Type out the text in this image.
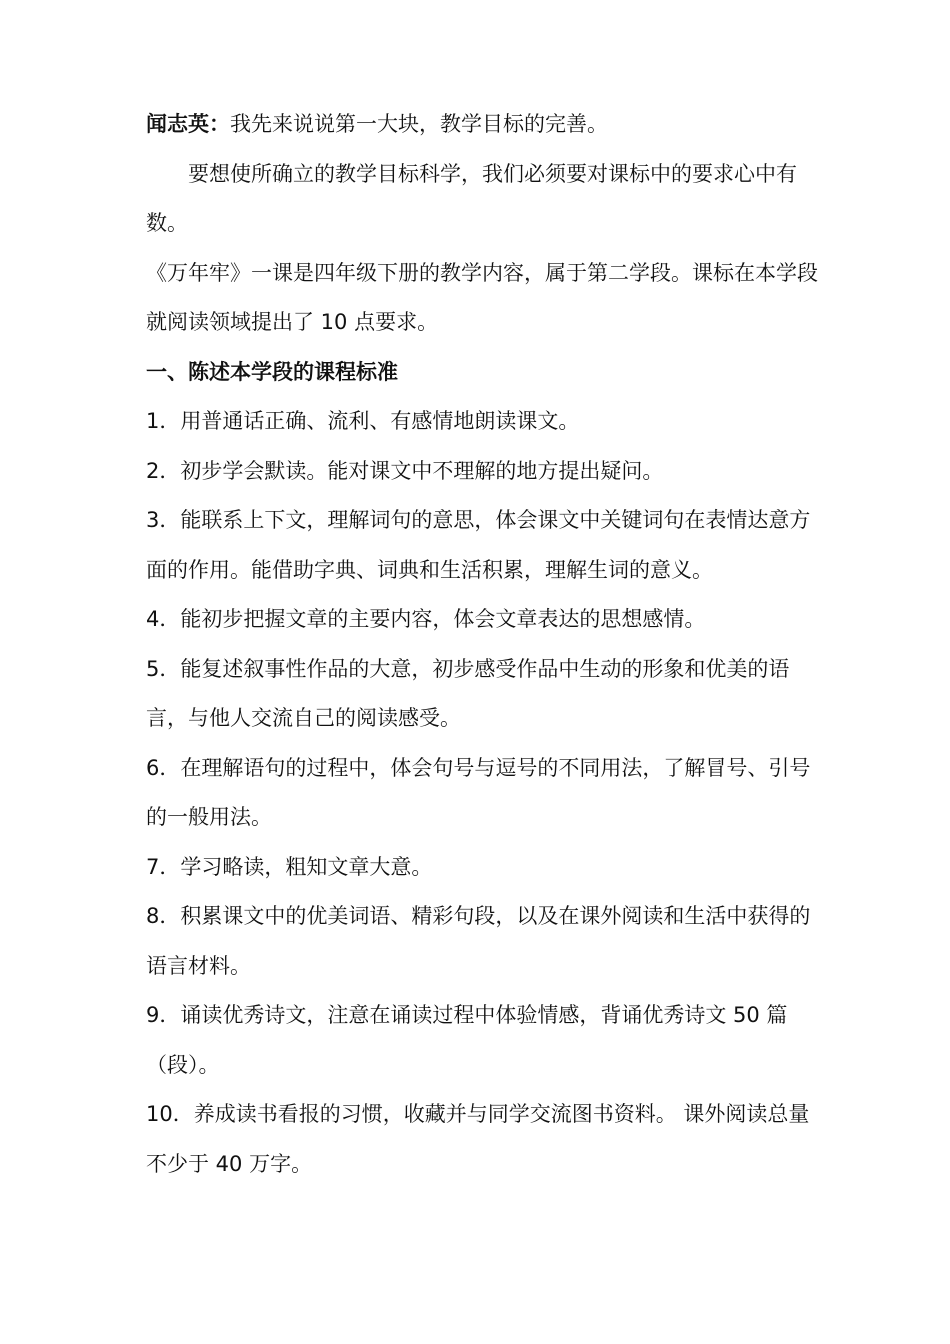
闻志英：我先来说说第一大块，教学目标的完善。

要想使所确立的教学目标科学，我们必须要对课标中的要求心中有数。

《万年牢》一课是四年级下册的教学内容，属于第二学段。课标在本学段就阅读领域提出了 10 点要求。

一、陈述本学段的课程标准

1．用普通话正确、流利、有感情地朗读课文。

2．初步学会默读。能对课文中不理解的地方提出疑问。

3．能联系上下文，理解词句的意思，体会课文中关键词句在表情达意方面的作用。能借助字典、词典和生活积累，理解生词的意义。

4．能初步把握文章的主要内容，体会文章表达的思想感情。

5．能复述叙事性作品的大意，初步感受作品中生动的形象和优美的语言，与他人交流自己的阅读感受。

6．在理解语句的过程中，体会句号与逗号的不同用法，了解冒号、引号的一般用法。

7．学习略读，粗知文章大意。

8．积累课文中的优美词语、精彩句段，以及在课外阅读和生活中获得的语言材料。

9．诵读优秀诗文，注意在诵读过程中体验情感，背诵优秀诗文 50 篇（段）。

10．养成读书看报的习惯，收藏并与同学交流图书资料。 课外阅读总量不少于 40 万字。
